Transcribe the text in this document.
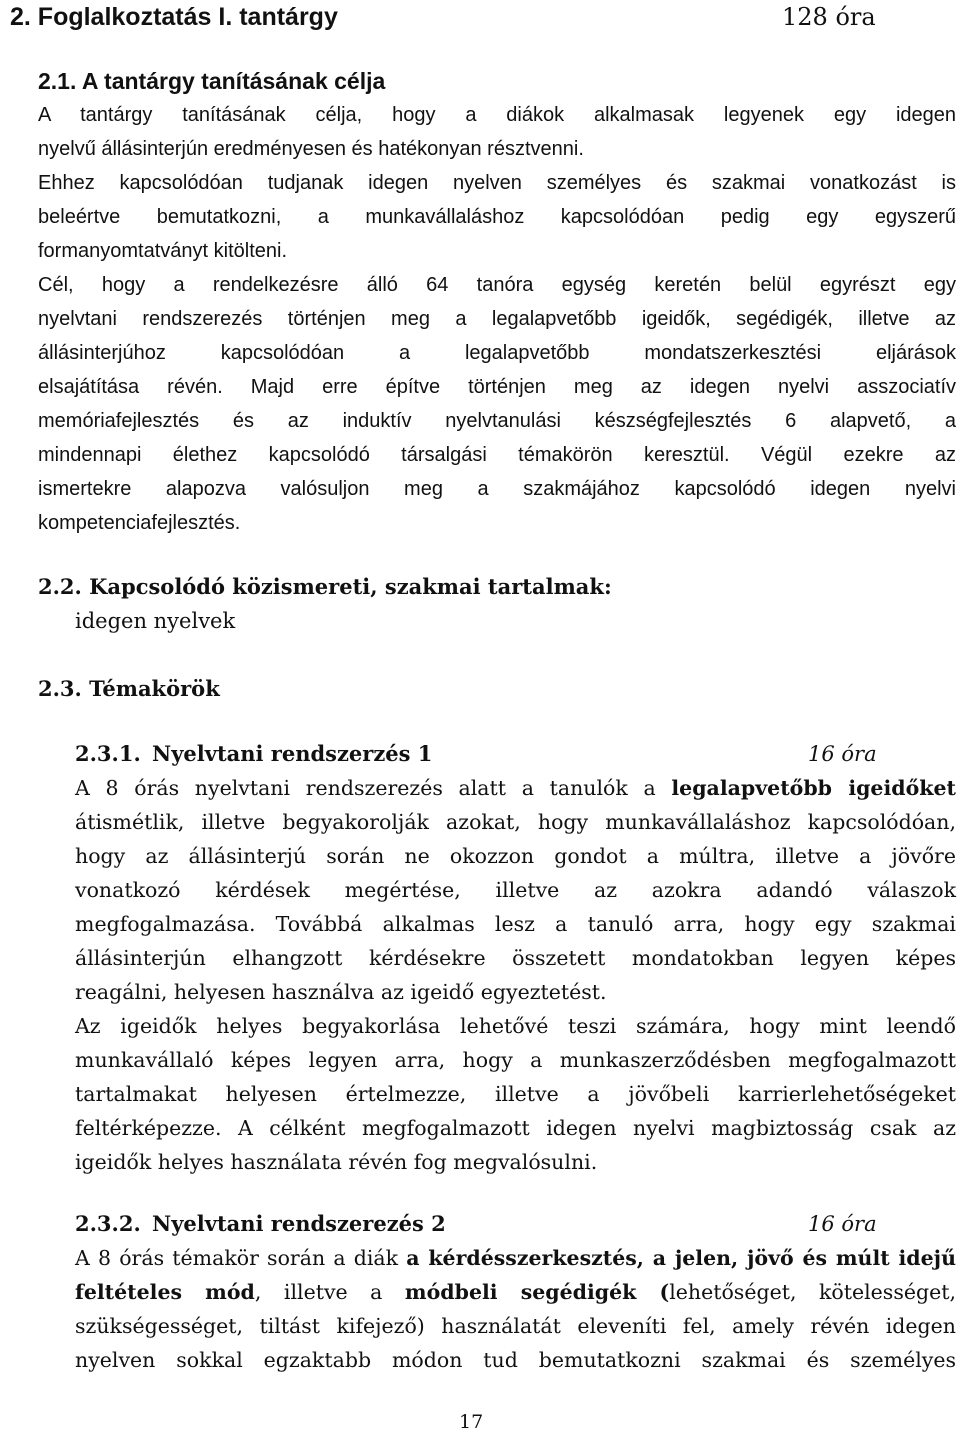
2. Foglalkoztatás I. tantárgy	128 óra
2.1. A tantárgy tanításának célja
A tantárgy tanításának célja, hogy a diákok alkalmasak legyenek egy idegen
nyelvű állásinterjún eredményesen és hatékonyan résztvenni.
Ehhez kapcsolódóan tudjanak idegen nyelven személyes és szakmai vonatkozást is
beleértve bemutatkozni, a munkavállaláshoz kapcsolódóan pedig egy egyszerű
formanyomtatványt kitölteni.
Cél, hogy a rendelkezésre álló 64 tanóra egység keretén belül egyrészt egy
nyelvtani rendszerezés történjen meg a legalapvetőbb igeidők, segédigék, illetve az
állásinterjúhoz kapcsolódóan a legalapvetőbb mondatszerkesztési eljárások
elsajátítása révén. Majd erre építve történjen meg az idegen nyelvi asszociatív
memóriafejlesztés és az induktív nyelvtanulási készségfejlesztés 6 alapvető, a
mindennapi élethez kapcsolódó társalgási témakörön keresztül. Végül ezekre az
ismertekre alapozva valósuljon meg a szakmájához kapcsolódó idegen nyelvi
kompetenciafejlesztés.
2.2. Kapcsolódó közismereti, szakmai tartalmak:
idegen nyelvek
2.3. Témakörök
2.3.1. Nyelvtani rendszerzés 1	16 óra
A 8 órás nyelvtani rendszerezés alatt a tanulók a legalapvetőbb igeidőket
átismétlik, illetve begyakorolják azokat, hogy munkavállaláshoz kapcsolódóan,
hogy az állásinterjú során ne okozzon gondot a múltra, illetve a jövőre
vonatkozó kérdések megértése, illetve az azokra adandó válaszok
megfogalmazása. Továbbá alkalmas lesz a tanuló arra, hogy egy szakmai
állásinterjún elhangzott kérdésekre összetett mondatokban legyen képes
reagálni, helyesen használva az igeidő egyeztetést.
Az igeidők helyes begyakorlása lehetővé teszi számára, hogy mint leendő
munkavállaló képes legyen arra, hogy a munkaszerződésben megfogalmazott
tartalmakat helyesen értelmezze, illetve a jövőbeli karrierlehetőségeket
feltérképezze. A célként megfogalmazott idegen nyelvi magbiztosság csak az
igeidők helyes használata révén fog megvalósulni.
2.3.2. Nyelvtani rendszerezés 2	16 óra
A 8 órás témakör során a diák a kérdésszerkesztés, a jelen, jövő és múlt idejű
feltételes mód, illetve a módbeli segédigék (lehetőséget, kötelességet,
szükségességet, tiltást kifejező) használatát eleveníti fel, amely révén idegen
nyelven sokkal egzaktabb módon tud bemutatkozni szakmai és személyes
17
